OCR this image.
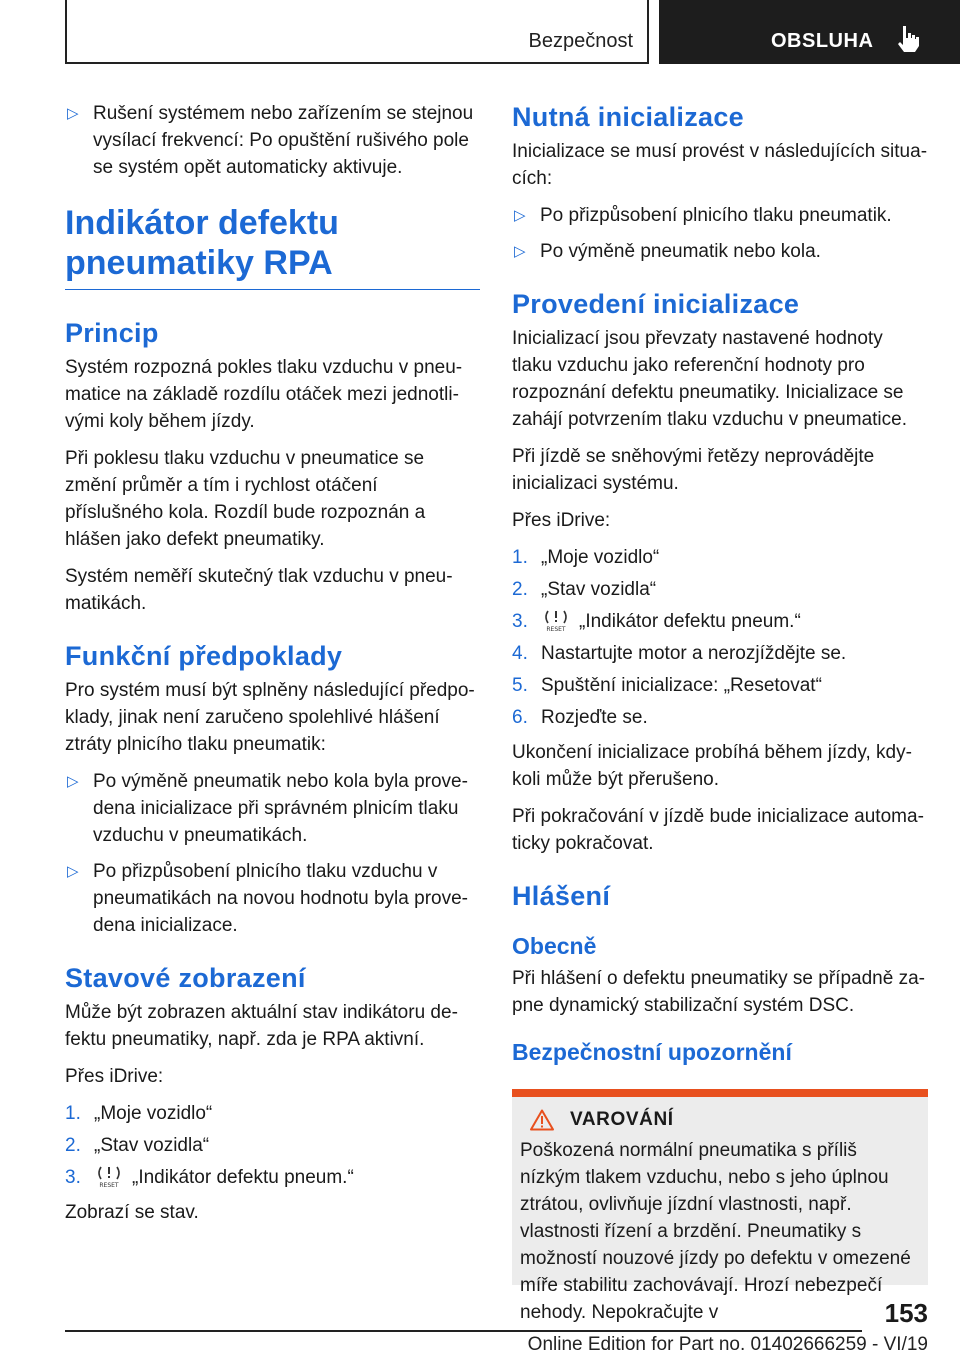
Bezpečnost	OBSLUHA
▷ Rušení systémem nebo zařízením se stejnou vysílací frekvencí: Po opuštění rušivého pole se systém opět automaticky aktivuje.
Indikátor defektu pneumatiky RPA
Princip

Systém rozpozná pokles tlaku vzduchu v pneumatice na základě rozdílu otáček mezi jednotlivými koly během jízdy.

Při poklesu tlaku vzduchu v pneumatice se změní průměr a tím i rychlost otáčení příslušného kola. Rozdíl bude rozpoznán a hlášen jako defekt pneumatiky.

Systém neměří skutečný tlak vzduchu v pneumatikách.

Funkční předpoklady

Pro systém musí být splněny následující předpoklady, jinak není zaručeno spolehlivé hlášení ztráty plnicího tlaku pneumatik:

▷ Po výměně pneumatik nebo kola byla provedena inicializace při správném plnicím tlaku vzduchu v pneumatikách.
▷ Po přizpůsobení plnicího tlaku vzduchu v pneumatikách na novou hodnotu byla provedena inicializace.
Stavové zobrazení

Může být zobrazen aktuální stav indikátoru defektu pneumatiky, např. zda je RPA aktivní.

Přes iDrive:

1. „Moje vozidlo“
2. „Stav vozidla“
3.	RESET „Indikátor defektu pneum.“

Zobrazí se stav.

Nutná inicializace

Inicializace se musí provést v následujících situacích:

▷ Po přizpůsobení plnicího tlaku pneumatik.
▷ Po výměně pneumatik nebo kola.
Provedení inicializace

Inicializací jsou převzaty nastavené hodnoty tlaku vzduchu jako referenční hodnoty pro rozpoznání defektu pneumatiky. Inicializace se zahájí potvrzením tlaku vzduchu v pneumatice.

Při jízdě se sněhovými řetězy neprovádějte inicializaci systému.

Přes iDrive:

1. „Moje vozidlo“
2. „Stav vozidla“
3.	RESET „Indikátor defektu pneum.“
4. Nastartujte motor a nerozjíždějte se.
5. Spuštění inicializace: „Resetovat“
6. Rozjeďte se.

Ukončení inicializace probíhá během jízdy, kdykoli může být přerušeno.

Při pokračování v jízdě bude inicializace automaticky pokračovat.

Hlášení
Obecně

Při hlášení o defektu pneumatiky se případně zapne dynamický stabilizační systém DSC.

Bezpečnostní upozornění
VAROVÁNÍ

Poškozená normální pneumatika s příliš nízkým tlakem vzduchu, nebo s jeho úplnou ztrátou, ovlivňuje jízdní vlastnosti, např. vlastnosti řízení a brzdění. Pneumatiky s možností nouzové jízdy po defektu v omezené míře stabilitu zachovávají. Hrozí nebezpečí nehody. Nepokračujte v	153
Online Edition for Part no. 01402666259 - VI/19
